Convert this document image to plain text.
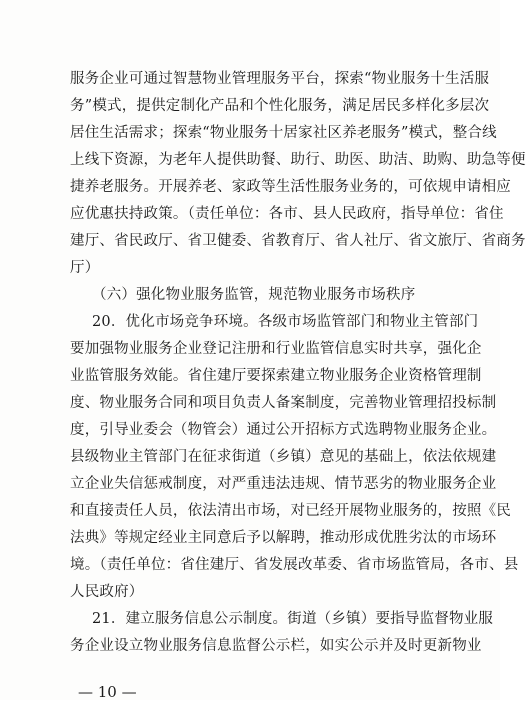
服务企业可通过智慧物业管理服务平台，探索“物业服务十生活服
务”模式，提供定制化产品和个性化服务，满足居民多样化多层次
居住生活需求；探索“物业服务十居家社区养老服务”模式，整合线
上线下资源，为老年人提供助餐、助行、助医、助洁、助购、助急等便
捷养老服务。开展养老、家政等生活性服务业务的，可依规申请相应
应优惠扶持政策。（责任单位：各市、县人民政府，指导单位：省住
建厅、省民政厅、省卫健委、省教育厅、省人社厅、省文旅厅、省商务
厅）
（六）强化物业服务监管，规范物业服务市场秩序
20．优化市场竞争环境。各级市场监管部门和物业主管部门
要加强物业服务企业登记注册和行业监管信息实时共享，强化企
业监管服务效能。省住建厅要探索建立物业服务企业资格管理制
度、物业服务合同和项目负责人备案制度，完善物业管理招投标制
度，引导业委会（物管会）通过公开招标方式选聘物业服务企业。
县级物业主管部门在征求街道（乡镇）意见的基础上，依法依规建
立企业失信惩戒制度，对严重违法违规、情节恶劣的物业服务企业
和直接责任人员，依法清出市场，对已经开展物业服务的，按照《民
法典》等规定经业主同意后予以解聘，推动形成优胜劣汰的市场环
境。（责任单位：省住建厅、省发展改革委、省市场监管局，各市、县
人民政府）
21．建立服务信息公示制度。街道（乡镇）要指导监督物业服
务企业设立物业服务信息监督公示栏，如实公示并及时更新物业
— 10 —
